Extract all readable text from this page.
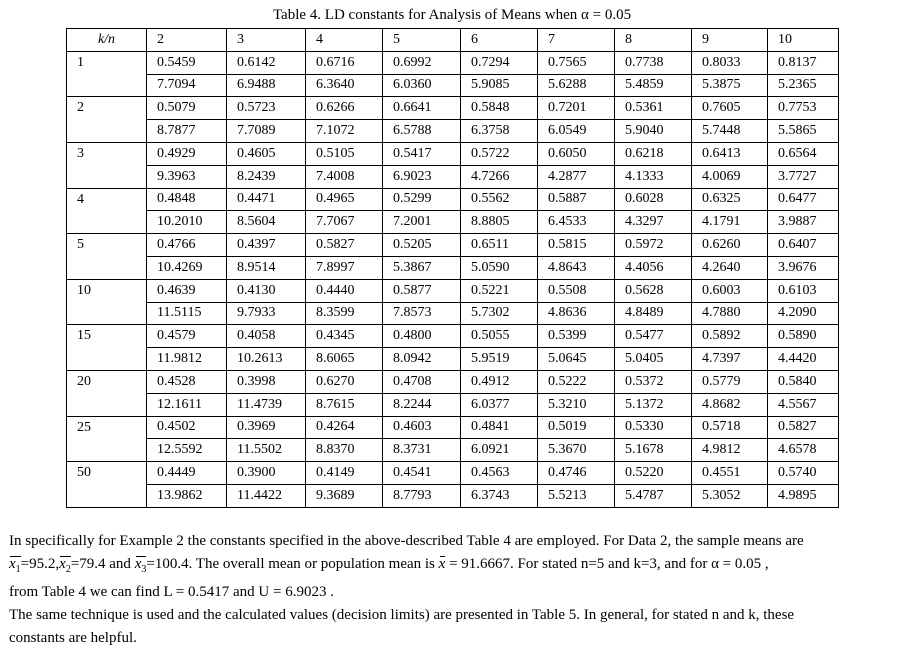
Table 4. LD constants for Analysis of Means when α = 0.05
k/n	2	3	4	5	6	7	8	9	10
1	0.5459	0.6142	0.6716	0.6992	0.7294	0.7565	0.7738	0.8033	0.8137
	7.7094	6.9488	6.3640	6.0360	5.9085	5.6288	5.4859	5.3875	5.2365
2	0.5079	0.5723	0.6266	0.6641	0.5848	0.7201	0.5361	0.7605	0.7753
	8.7877	7.7089	7.1072	6.5788	6.3758	6.0549	5.9040	5.7448	5.5865
3	0.4929	0.4605	0.5105	0.5417	0.5722	0.6050	0.6218	0.6413	0.6564
	9.3963	8.2439	7.4008	6.9023	4.7266	4.2877	4.1333	4.0069	3.7727
4	0.4848	0.4471	0.4965	0.5299	0.5562	0.5887	0.6028	0.6325	0.6477
	10.2010	8.5604	7.7067	7.2001	8.8805	6.4533	4.3297	4.1791	3.9887
5	0.4766	0.4397	0.5827	0.5205	0.6511	0.5815	0.5972	0.6260	0.6407
	10.4269	8.9514	7.8997	5.3867	5.0590	4.8643	4.4056	4.2640	3.9676
10	0.4639	0.4130	0.4440	0.5877	0.5221	0.5508	0.5628	0.6003	0.6103
	11.5115	9.7933	8.3599	7.8573	5.7302	4.8636	4.8489	4.7880	4.2090
15	0.4579	0.4058	0.4345	0.4800	0.5055	0.5399	0.5477	0.5892	0.5890
	11.9812	10.2613	8.6065	8.0942	5.9519	5.0645	5.0405	4.7397	4.4420
20	0.4528	0.3998	0.6270	0.4708	0.4912	0.5222	0.5372	0.5779	0.5840
	12.1611	11.4739	8.7615	8.2244	6.0377	5.3210	5.1372	4.8682	4.5567
25	0.4502	0.3969	0.4264	0.4603	0.4841	0.5019	0.5330	0.5718	0.5827
	12.5592	11.5502	8.8370	8.3731	6.0921	5.3670	5.1678	4.9812	4.6578
50	0.4449	0.3900	0.4149	0.4541	0.4563	0.4746	0.5220	0.4551	0.5740
	13.9862	11.4422	9.3689	8.7793	6.3743	5.5213	5.4787	5.3052	4.9895

In specifically for Example 2 the constants specified in the above-described Table 4 are employed. For Data 2, the sample means are

$x_1=95.2,x_2=79.4$ and $x_3=100.4$. The overall mean or population mean is x = 91.6667. For stated n=5 and k=3, and for α = 0.05 ,

from Table 4 we can find L = 0.5417 and U = 6.9023 .

The same technique is used and the calculated values (decision limits) are presented in Table 5. In general, for stated n and k, these

constants are helpful.
